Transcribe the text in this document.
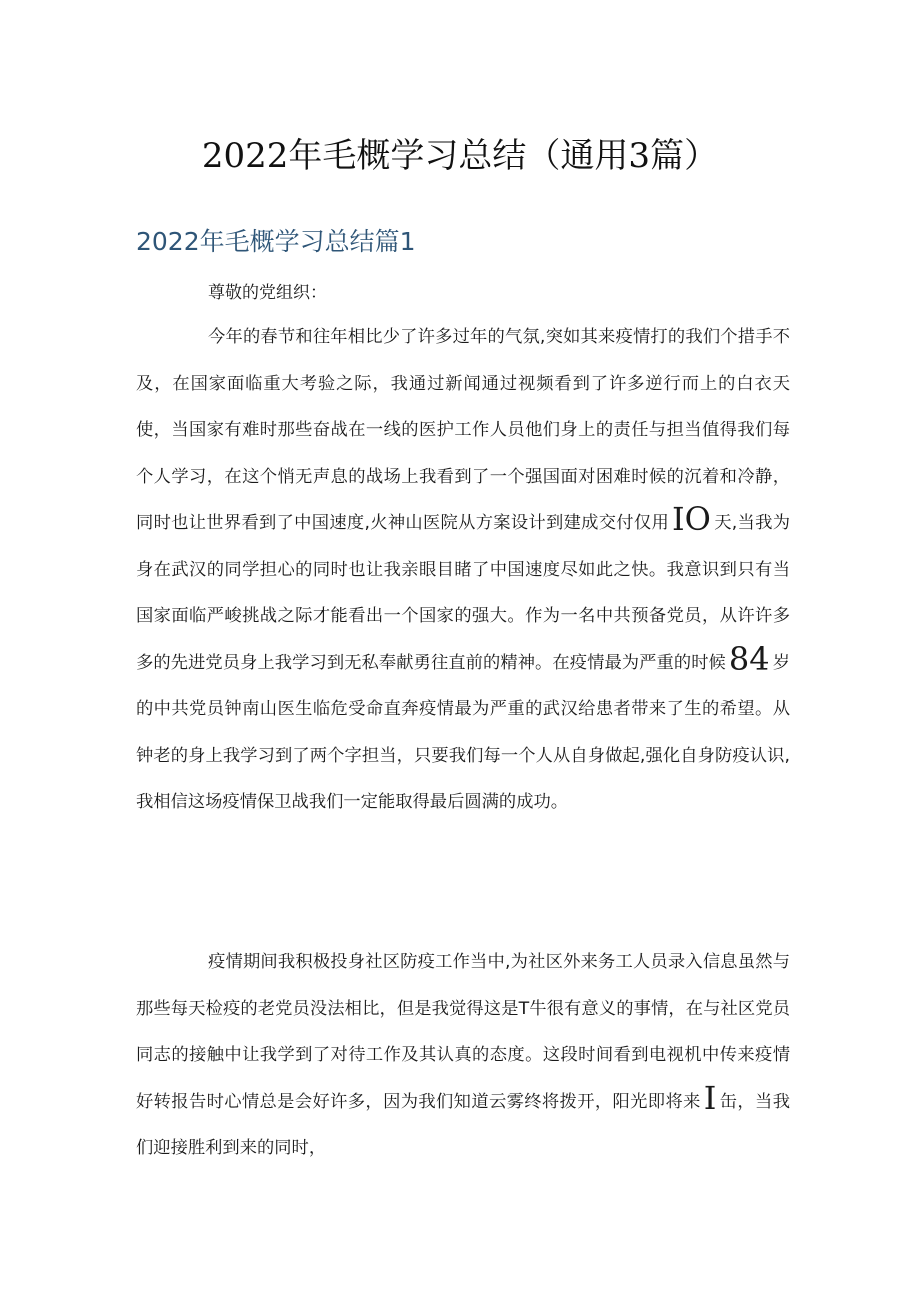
2022年毛概学习总结（通用3篇）
2022年毛概学习总结篇1

尊敬的党组织：

今年的春节和往年相比少了许多过年的气氛,突如其来疫情打的我们个措手不及，在国家面临重大考验之际，我通过新闻通过视频看到了许多逆行而上的白衣天使，当国家有难时那些奋战在一线的医护工作人员他们身上的责任与担当值得我们每个人学习，在这个悄无声息的战场上我看到了一个强国面对困难时候的沉着和冷静，同时也让世界看到了中国速度,火神山医院从方案设计到建成交付仅用IO 天,当我为身在武汉的同学担心的同时也让我亲眼目睹了中国速度尽如此之快。我意识到只有当国家面临严峻挑战之际才能看出一个国家的强大。作为一名中共预备党员，从许许多多的先进党员身上我学习到无私奉献勇往直前的精神。在疫情最为严重的时候84 岁的中共党员钟南山医生临危受命直奔疫情最为严重的武汉给患者带来了生的希望。从钟老的身上我学习到了两个字担当，只要我们每一个人从自身做起,强化自身防疫认识,我相信这场疫情保卫战我们一定能取得最后圆满的成功。

疫情期间我积极投身社区防疫工作当中,为社区外来务工人员录入信息虽然与那些每天检疫的老党员没法相比，但是我觉得这是T牛很有意义的事情，在与社区党员同志的接触中让我学到了对待工作及其认真的态度。这段时间看到电视机中传来疫情好转报告时心情总是会好许多，因为我们知道云雾终将拨开，阳光即将来I 缶，当我们迎接胜利到来的同时，
